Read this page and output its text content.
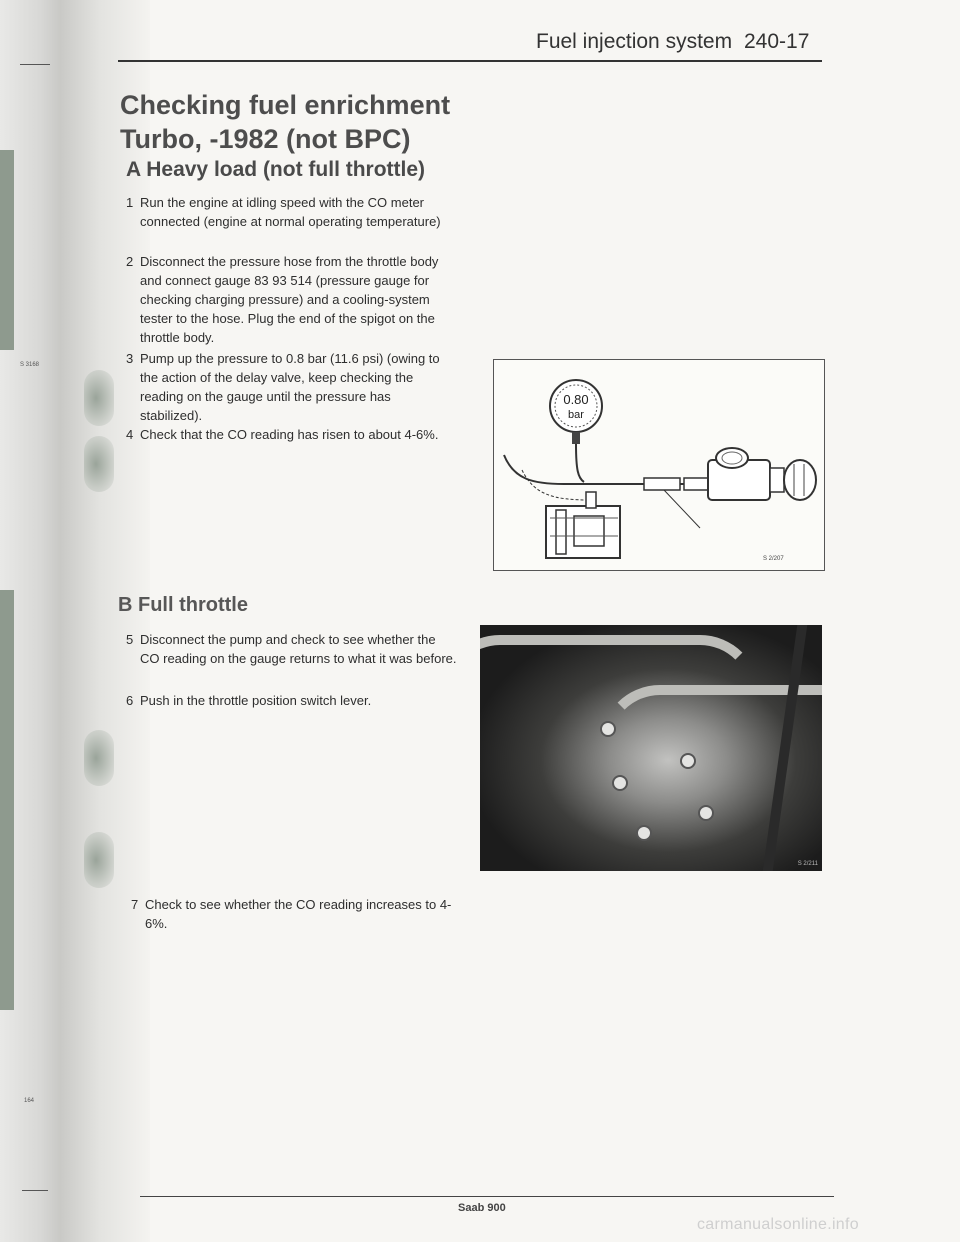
S 3168
164
Fuel injection system 240-17
Checking fuel enrichment
Turbo, -1982 (not BPC)
A Heavy load (not full throttle)
1 Run the engine at idling speed with the CO meter connected (engine at normal operating temperature)
2 Disconnect the pressure hose from the throttle body and connect gauge 83 93 514 (pressure gauge for checking charging pressure) and a cooling-system tester to the hose. Plug the end of the spigot on the throttle body.
3 Pump up the pressure to 0.8 bar (11.6 psi) (owing to the action of the delay valve, keep checking the reading on the gauge until the pressure has stabilized).
4 Check that the CO reading has risen to about 4-6%.
0.80
bar
S 2/207
B Full throttle
5 Disconnect the pump and check to see whether the CO reading on the gauge returns to what it was before.
6 Push in the throttle position switch lever.
S 2/211
7 Check to see whether the CO reading increases to 4-6%.
Saab 900
carmanualsonline.info
